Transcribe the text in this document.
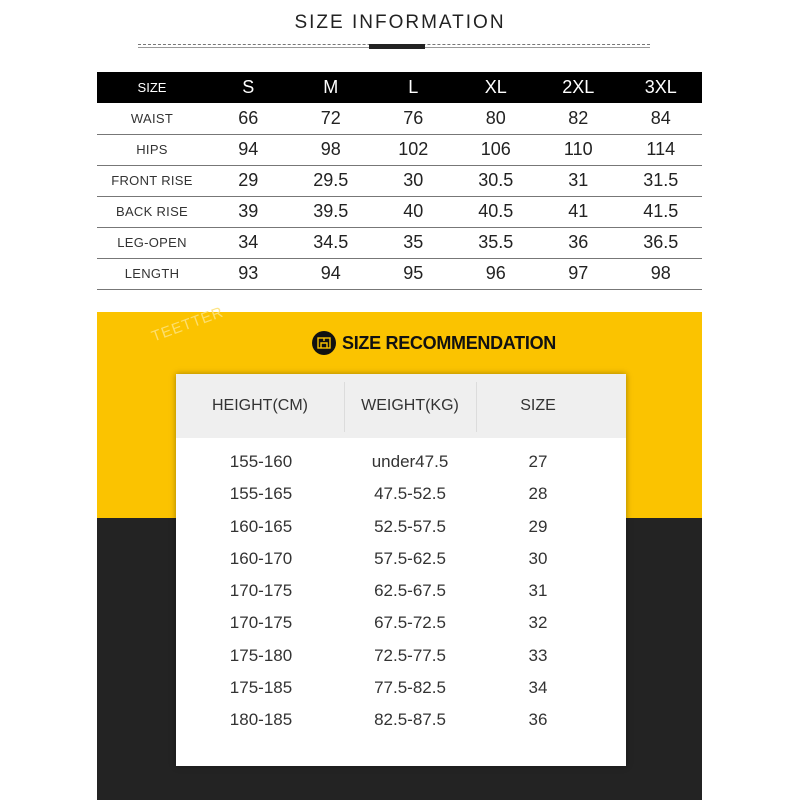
SIZE INFORMATION
SIZE	S	M	L	XL	2XL	3XL
WAIST	66	72	76	80	82	84
HIPS	94	98	102	106	110	114
FRONT RISE	29	29.5	30	30.5	31	31.5
BACK RISE	39	39.5	40	40.5	41	41.5
LEG-OPEN	34	34.5	35	35.5	36	36.5
LENGTH	93	94	95	96	97	98
TEETTER	SIZE RECOMMENDATION
HEIGHT(CM)	WEIGHT(KG)	SIZE
155-160	under47.5	27
155-165	47.5-52.5	28
160-165	52.5-57.5	29
160-170	57.5-62.5	30
170-175	62.5-67.5	31
170-175	67.5-72.5	32
175-180	72.5-77.5	33
175-185	77.5-82.5	34
180-185	82.5-87.5	36
